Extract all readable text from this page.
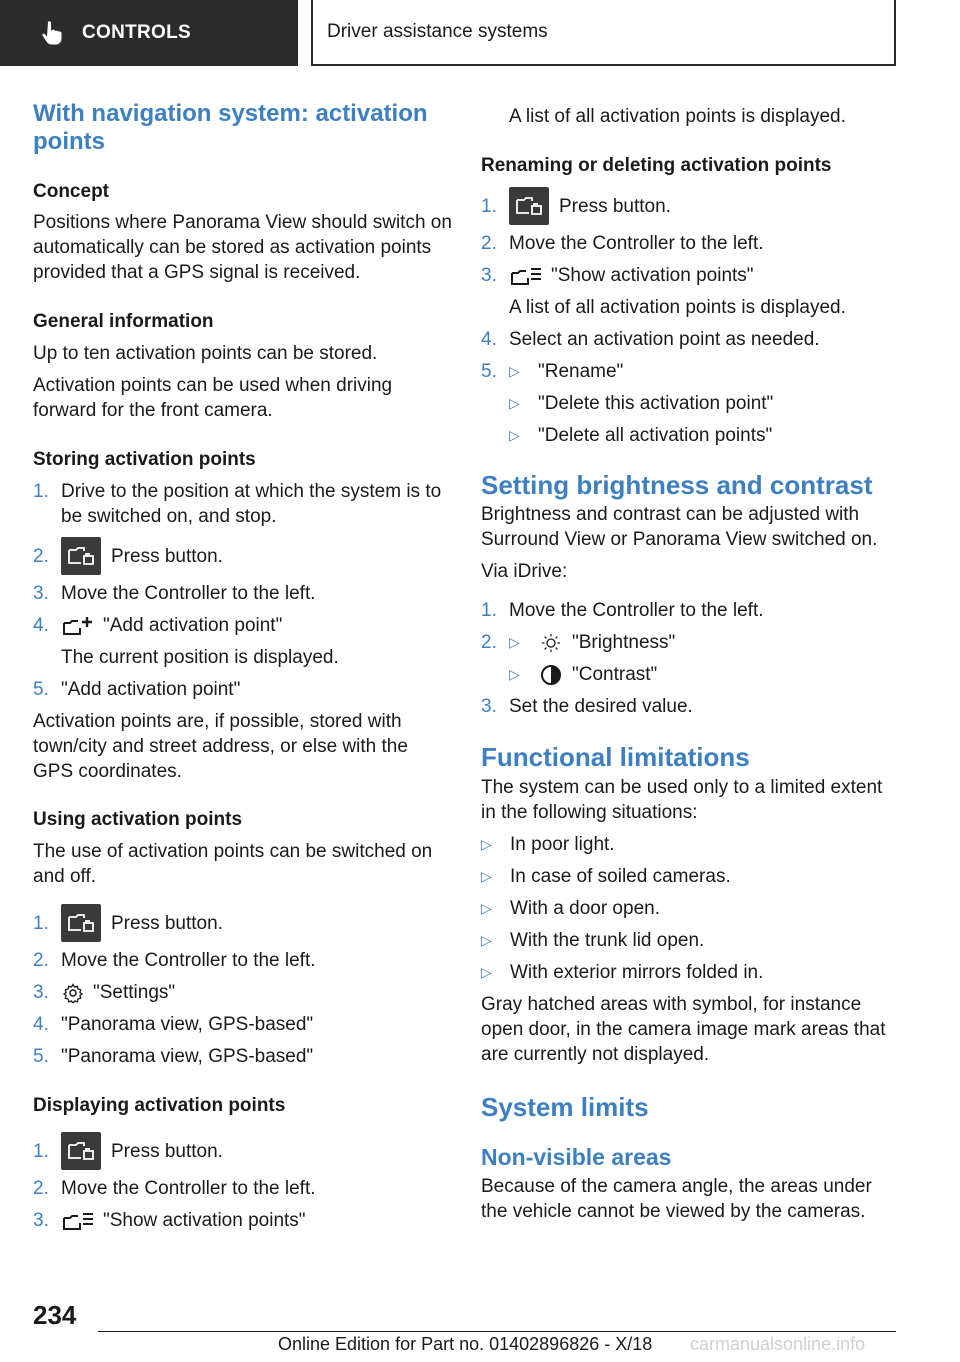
CONTROLS	Driver assistance systems
With navigation system: activation points
Concept
Positions where Panorama View should switch on automatically can be stored as activation points provided that a GPS signal is received.
General information
Up to ten activation points can be stored.
Activation points can be used when driving forward for the front camera.
Storing activation points
1. Drive to the position at which the system is to be switched on, and stop.
2.	Press button.
3. Move the Controller to the left.
4.	"Add activation point"
The current position is displayed.
5. "Add activation point"
Activation points are, if possible, stored with town/city and street address, or else with the GPS coordinates.
Using activation points
The use of activation points can be switched on and off.
1.	Press button.
2. Move the Controller to the left.
3.	"Settings"
4. "Panorama view, GPS-based"
5. "Panorama view, GPS-based"
Displaying activation points
1.	Press button.
2. Move the Controller to the left.
3.	"Show activation points"
A list of all activation points is displayed.
Renaming or deleting activation points
1.	Press button.
2. Move the Controller to the left.
3.	"Show activation points"
A list of all activation points is displayed.
4. Select an activation point as needed.
5. ▷ "Rename"
▷ "Delete this activation point"
▷ "Delete all activation points"
Setting brightness and contrast
Brightness and contrast can be adjusted with Surround View or Panorama View switched on.
Via iDrive:
1. Move the Controller to the left.
2. ▷	"Brightness"
▷	"Contrast"
3. Set the desired value.
Functional limitations
The system can be used only to a limited extent in the following situations:
▷ In poor light.
▷ In case of soiled cameras.
▷ With a door open.
▷ With the trunk lid open.
▷ With exterior mirrors folded in.
Gray hatched areas with symbol, for instance open door, in the camera image mark areas that are currently not displayed.
System limits
Non-visible areas
Because of the camera angle, the areas under the vehicle cannot be viewed by the cameras.
234
Online Edition for Part no. 01402896826 - X/18 carmanualsonline.info
